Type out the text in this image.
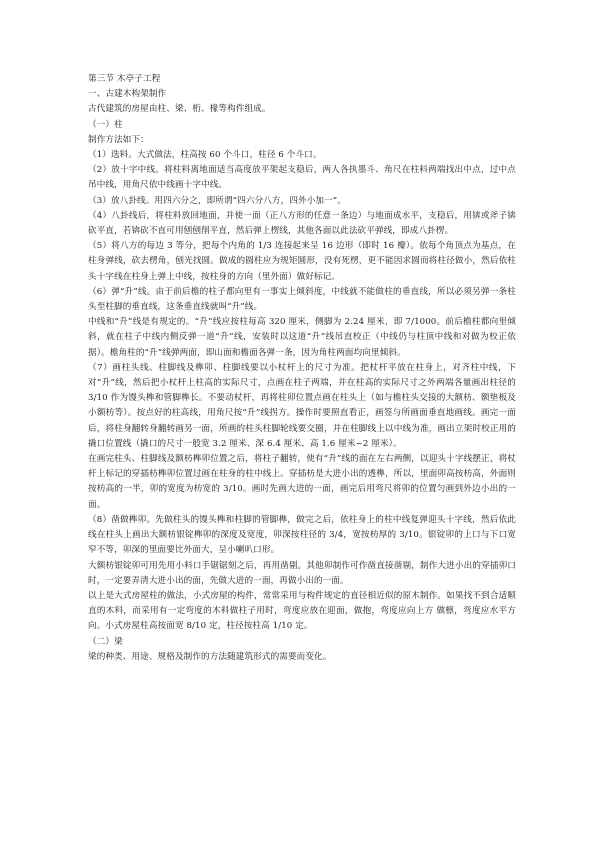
第三节 木亭子工程
一、古建木构架制作
古代建筑的房屋由柱、梁、桁、椽等构件组成。
（一）柱
制作方法如下：

（1）选料。大式做法，柱高按 60 个斗口，柱径 6 个斗口。

（2）放十字中线。将柱料离地面适当高度放平架起支稳后，两人各执墨斗、角尺在柱料两端找出中点，过中点吊中线，用角尺依中线画十字中线。

（3）放八卦线。用四六分之，即所谓“四六分八方，四外小加一”。

（4）八卦线后，将柱料放回地面，并使一面（正八方形的任意一条边）与地面成水平，支稳后，用锛或斧子锛砍平直，若锛砍不直可用刨刨削平直，然后弹上楞线，其他各面以此法砍平弹线，即成八卦楞。

（5）将八方的每边 3 等分，把每个内角的 1/3 连接起来呈 16 边形（即时 16 瓣）。依每个角顶点为基点，在柱身弹线，砍去楞角，刨光找圆。做成的圆柱应为规矩圆形，没有死楞，更不能因求圆而将柱径做小，然后依柱头十字线在柱身上弹上中线，按柱身的方向（里外面）做好标记。

（6）弹“升”线。由于前后檐的柱子都向里有一事实上倾斜度，中线就不能做柱的垂直线，所以必须另弹一条柱头至柱脚的垂直线，这条垂直线就叫“升”线。

中线和“升”线是有规定的。“升”线应按柱每高 320 厘米，侧脚为 2.24 厘米，即 7/1000。前后檐柱都向里倾斜，就在柱子中线内侧反弹一道“升”线，安装时以这道“升”线吊直校正（中线仍与柱顶中线和对做为校正依据）。檐角柱的“升”线弹两面，即山面和檐面各弹一条，因为角柱两面均向里倾斜。

（7）画柱头线、柱脚线及榫卯、柱脚线要以小杖杆上的尺寸为准。把杖杆平放在柱身上，对齐柱中线，下对“升”线，然后把小杖杆上柱高的实际尺寸，点画在柱子两端，并在柱高的实际尺寸之外两端各量画出柱径的 3/10 作为馒头榫和管脚榫长。不要动杖杆，再将柱卯位置点画在柱头上（如与檐柱头交接的大额枋、额垫板及小额枋等）。按点好的柱高线，用角尺按“升”线拐方。操作时要照直看正，画签与所画面垂直地画线。画完一面后，将柱身翻转身翻转画另一面，所画的柱头柱脚轮线要交圈，并在柱脚线上以中线为准，画出立架时校正用的撬口位置线（撬口的尺寸一般宽 3.2 厘米、深 6.4 厘米、高 1.6 厘米~2 厘米）。

在画完柱头、柱脚线及额枋榫卯位置之后，将柱子翻转，使有“升”线的面在左右两侧，以迎头十字线摆正，将杖杆上标记的穿插枋榫卯位置过画在柱身的柱中线上。穿插枋是大进小出的透榫，所以，里面卯高按枋高，外面则按枋高的一半，卯的宽度为枋宽的 3/10。画时先画大进的一面，画完后用弯尺将卯的位置匀画到外边小出的一面。

（8）凿做榫卯。先做柱头的馒头榫和柱脚的管脚榫，做完之后，依柱身上的柱中线复弹迎头十字线，然后依此线在柱头上画出大额枋银锭榫卯的深度及宽度，卯深按柱径的 3/4，宽按枋厚的 3/10。银锭卯的上口与下口宽窄不等，卯深的里面要比外面大，呈小喇叭口形。

大额枋银锭卯可用先用小料口手锯锯刻之后，再用凿剔。其他卯制作可作凿直接凿剔，制作大进小出的穿插卯口时，一定要弄清大进小出的面，先做大进的一面，再做小出的一面。

以上是大式房屋柱的做法，小式房屋的构件，常常采用与构件规定的直径相近似的原木制作。如果找不到合适顺直的木料，而采用有一定弯度的木料做柱子用时，弯度应放在迎面，做抱，弯度应向上方 做檩，弯度应水平方向。小式房屋柱高按面宽 8/10 定，柱径按柱高 1/10 定。

（二）梁

梁的种类、用途、规格及制作的方法随建筑形式的需要而变化。
